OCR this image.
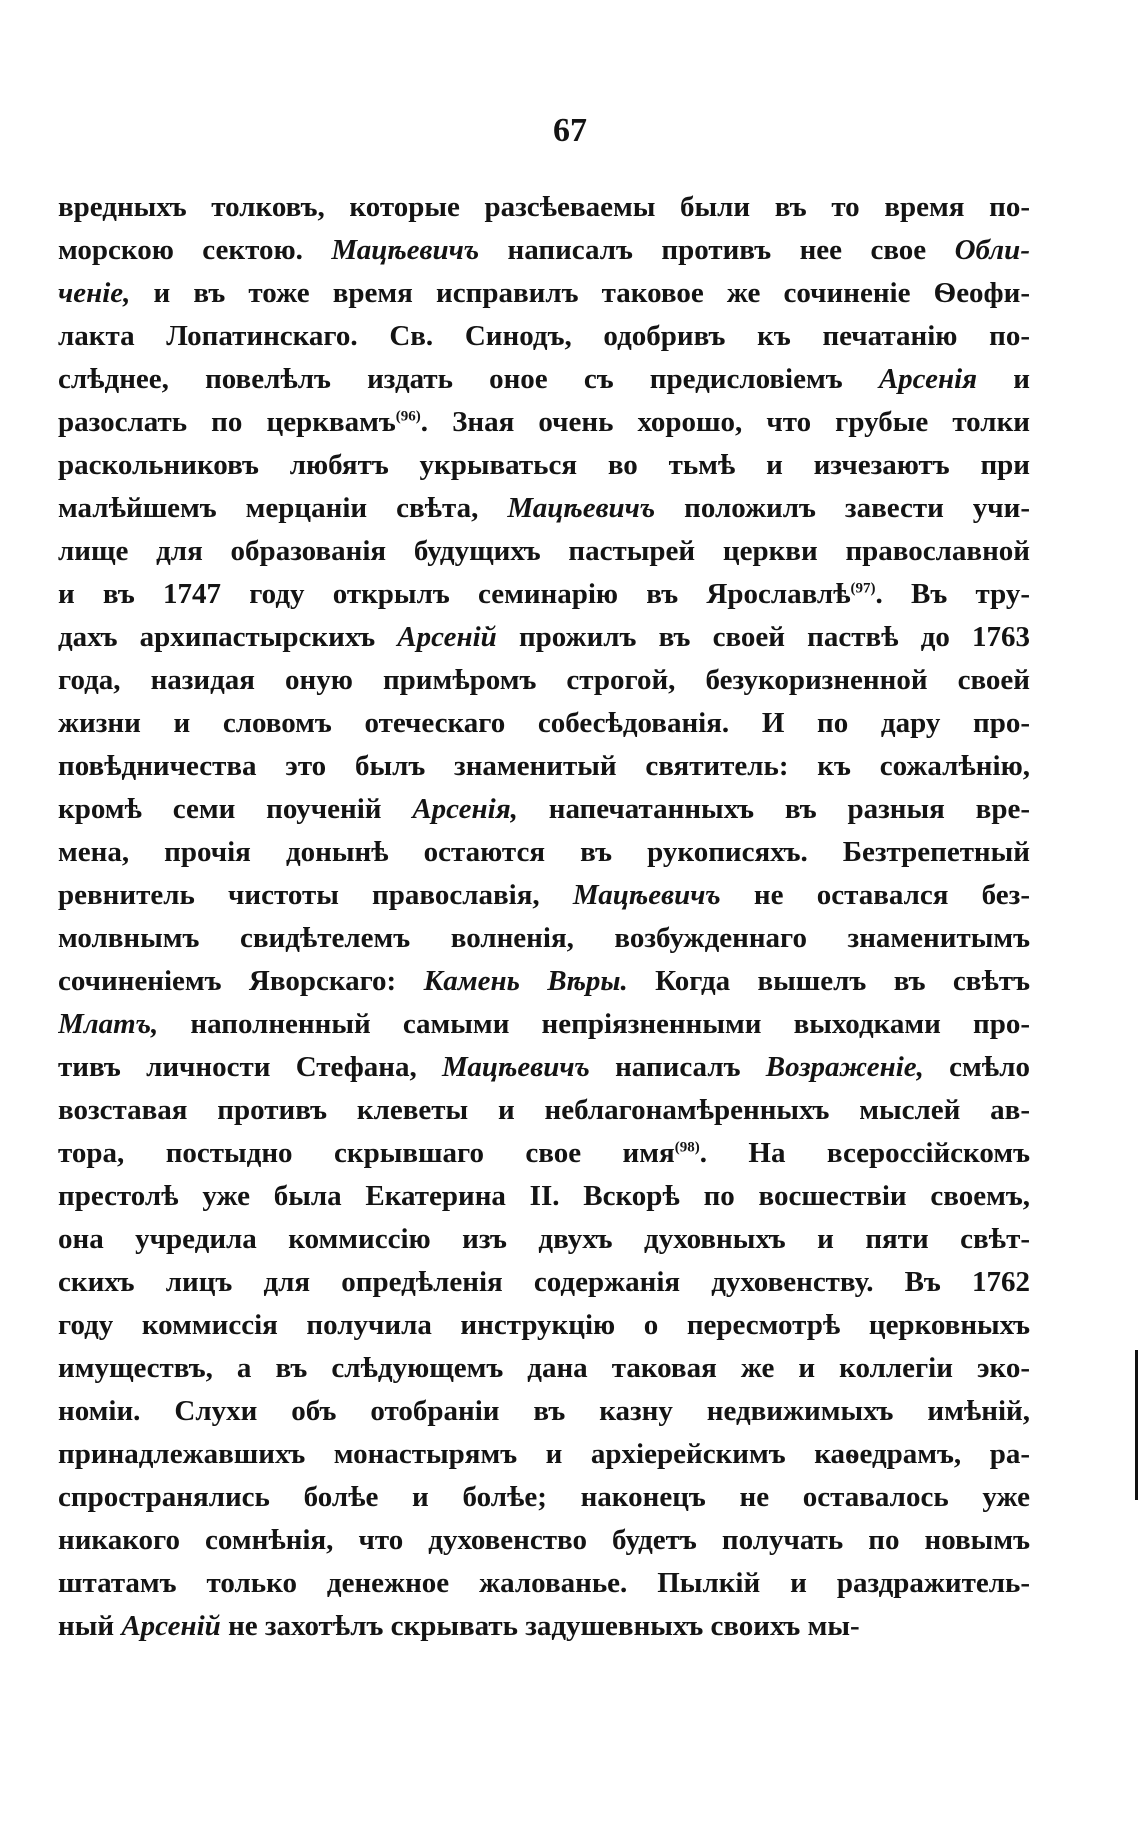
67
вредныхъ толковъ, которые разсѣеваемы были въ то время по-
морскою сектою. Мацѣевичъ написалъ противъ нее свое Обли-
ченіе, и въ тоже время исправилъ таковое же сочиненіе Ѳеофи-
лакта Лопатинскаго. Св. Синодъ, одобривъ къ печатанію по-
слѣднее, повелѣлъ издать оное съ предисловіемъ Арсенія и
разослать по церквамъ$^{(96)}$. Зная очень хорошо, что грубые толки
раскольниковъ любятъ укрываться во тьмѣ и изчезаютъ при
малѣйшемъ мерцаніи свѣта, Мацѣевичъ положилъ завести учи-
лище для образованія будущихъ пастырей церкви православной
и въ 1747 году открылъ семинарію въ Ярославлѣ$^{(97)}$. Въ тру-
дахъ архипастырскихъ Арсеній прожилъ въ своей паствѣ до 1763
года, назидая оную примѣромъ строгой, безукоризненной своей
жизни и словомъ отеческаго собесѣдованія. И по дару про-
повѣдничества это былъ знаменитый святитель: къ сожалѣнію,
кромѣ семи поученій Арсенія, напечатанныхъ въ разныя вре-
мена, прочія донынѣ остаются въ рукописяхъ. Безтрепетный
ревнитель чистоты православія, Мацѣевичъ не оставался без-
молвнымъ свидѣтелемъ волненія, возбужденнаго знаменитымъ
сочиненіемъ Яворскаго: Камень Вѣры. Когда вышелъ въ свѣтъ
Млатъ, наполненный самыми непріязненными выходками про-
тивъ личности Стефана, Мацѣевичъ написалъ Возраженіе, смѣло
возставая противъ клеветы и неблагонамѣренныхъ мыслей ав-
тора, постыдно скрывшаго свое имя$^{(98)}$. На всероссійскомъ
престолѣ уже была Екатерина II. Вскорѣ по восшествіи своемъ,
она учредила коммиссію изъ двухъ духовныхъ и пяти свѣт-
скихъ лицъ для опредѣленія содержанія духовенству. Въ 1762
году коммиссія получила инструкцію о пересмотрѣ церковныхъ
имуществъ, а въ слѣдующемъ дана таковая же и коллегіи эко-
номіи. Слухи объ отобраніи въ казну недвижимыхъ имѣній,
принадлежавшихъ монастырямъ и архіерейскимъ каѳедрамъ, ра-
спространялись болѣе и болѣе; наконецъ не оставалось уже
никакого сомнѣнія, что духовенство будетъ получать по новымъ
штатамъ только денежное жалованье. Пылкій и раздражитель-
ный Арсеній не захотѣлъ скрывать задушевныхъ своихъ мы-
